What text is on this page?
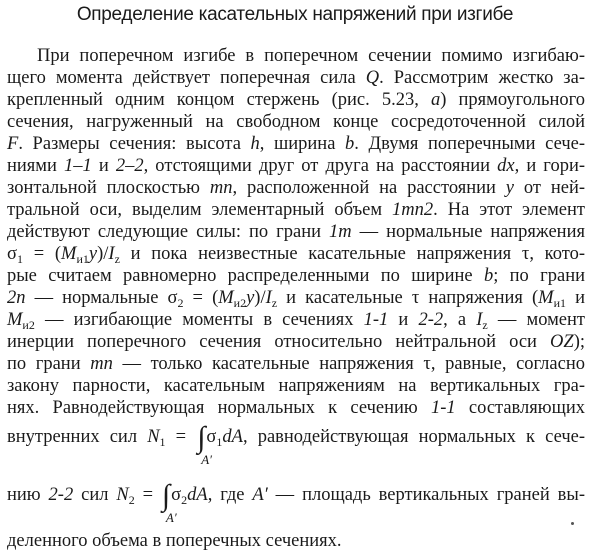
Определение касательных напряжений при изгибе
При поперечном изгибе в поперечном сечении помимо изгибаю-
щего момента действует поперечная сила Q. Рассмотрим жестко за-
крепленный одним концом стержень (рис. 5.23, а) прямоугольного
сечения, нагруженный на свободном конце сосредоточенной силой
F. Размеры сечения: высота h, ширина b. Двумя поперечными сече-
ниями 1–1 и 2–2, отстоящими друг от друга на расстоянии dx, и гори-
зонтальной плоскостью mn, расположенной на расстоянии y от ней-
тральной оси, выделим элементарный объем 1mn2. На этот элемент
действуют следующие силы: по грани 1m — нормальные напряжения
$\sigma_1 = (M_{и1}y)/I_z$ и пока неизвестные касательные напряжения τ, кото-
рые считаем равномерно распределенными по ширине b; по грани
2n — нормальные $\sigma_2 = (M_{и2}y)/I_z$ и касательные τ напряжения ($M_{и1}$ и
$M_{и2}$ — изгибающие моменты в сечениях 1-1 и 2-2, а $I_z$ — момент
инерции поперечного сечения относительно нейтральной оси OZ);
по грани mn — только касательные напряжения τ, равные, согласно
закону парности, касательным напряжениям на вертикальных гра-
нях. Равнодействующая нормальных к сечению 1-1 составляющих
внутренних сил $N_1$ = ∫
A′
$\sigma_1dA$, равнодействующая нормальных к сече-
нию 2-2 сил $N_2$ = ∫
A′
$\sigma_2dA$, где A′ — площадь вертикальных граней вы-
деленного объема в поперечных сечениях.
